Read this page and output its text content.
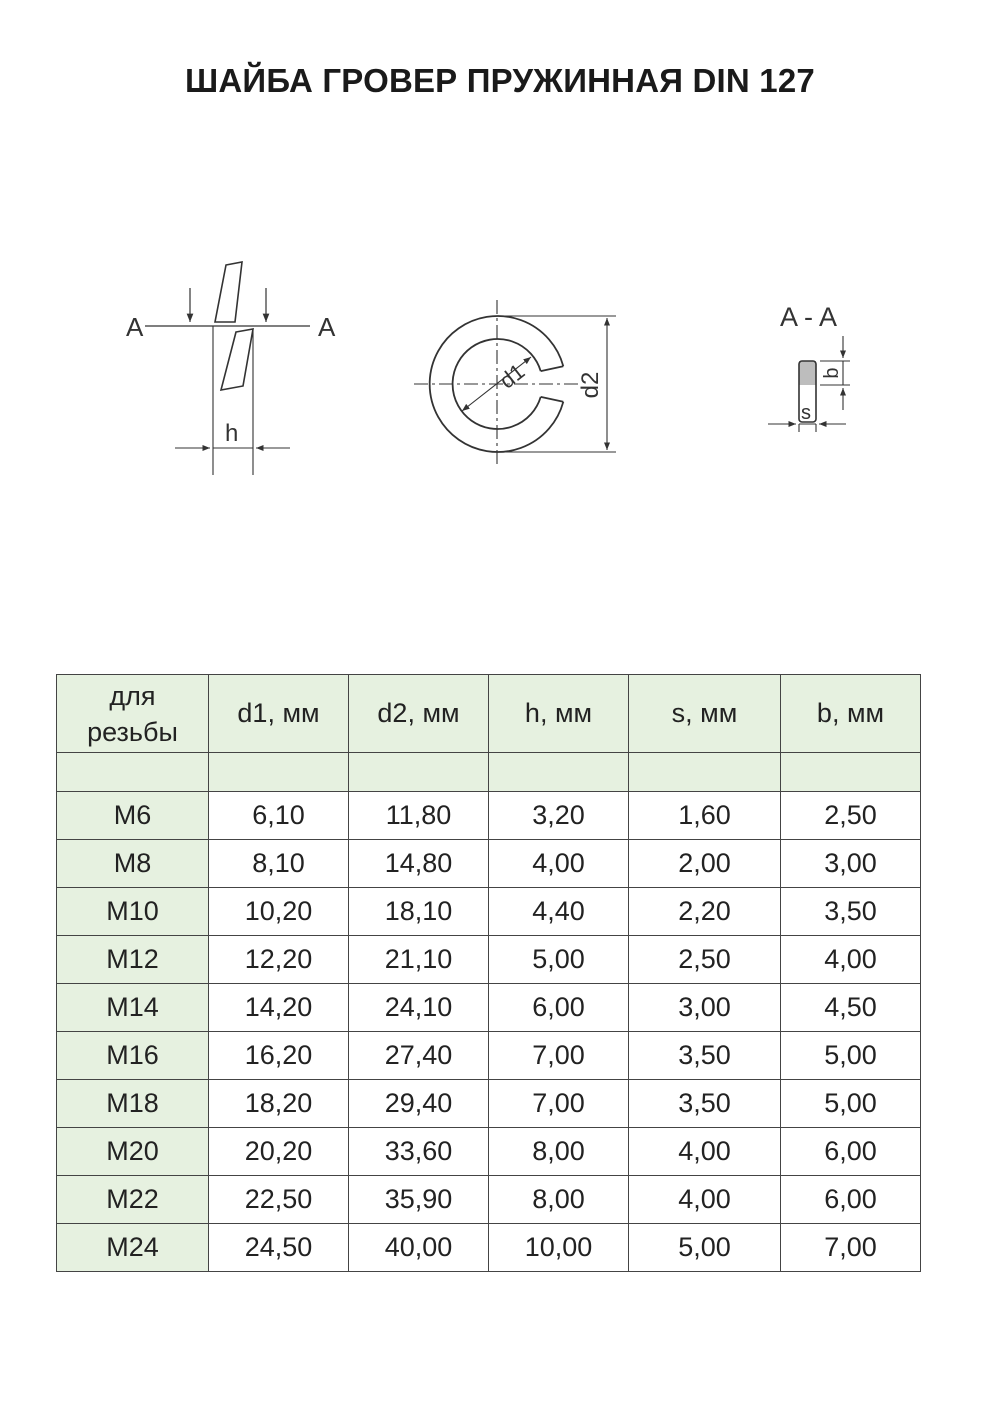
ШАЙБА ГРОВЕР ПРУЖИННАЯ DIN 127
A	A
h
d1 d2
A - A
b
s
для
резьбы	d1, мм	d2, мм	h, мм	s, мм	b, мм

M6	6,10	11,80	3,20	1,60	2,50
M8	8,10	14,80	4,00	2,00	3,00
M10	10,20	18,10	4,40	2,20	3,50
M12	12,20	21,10	5,00	2,50	4,00
M14	14,20	24,10	6,00	3,00	4,50
M16	16,20	27,40	7,00	3,50	5,00
M18	18,20	29,40	7,00	3,50	5,00
M20	20,20	33,60	8,00	4,00	6,00
M22	22,50	35,90	8,00	4,00	6,00
M24	24,50	40,00	10,00	5,00	7,00
